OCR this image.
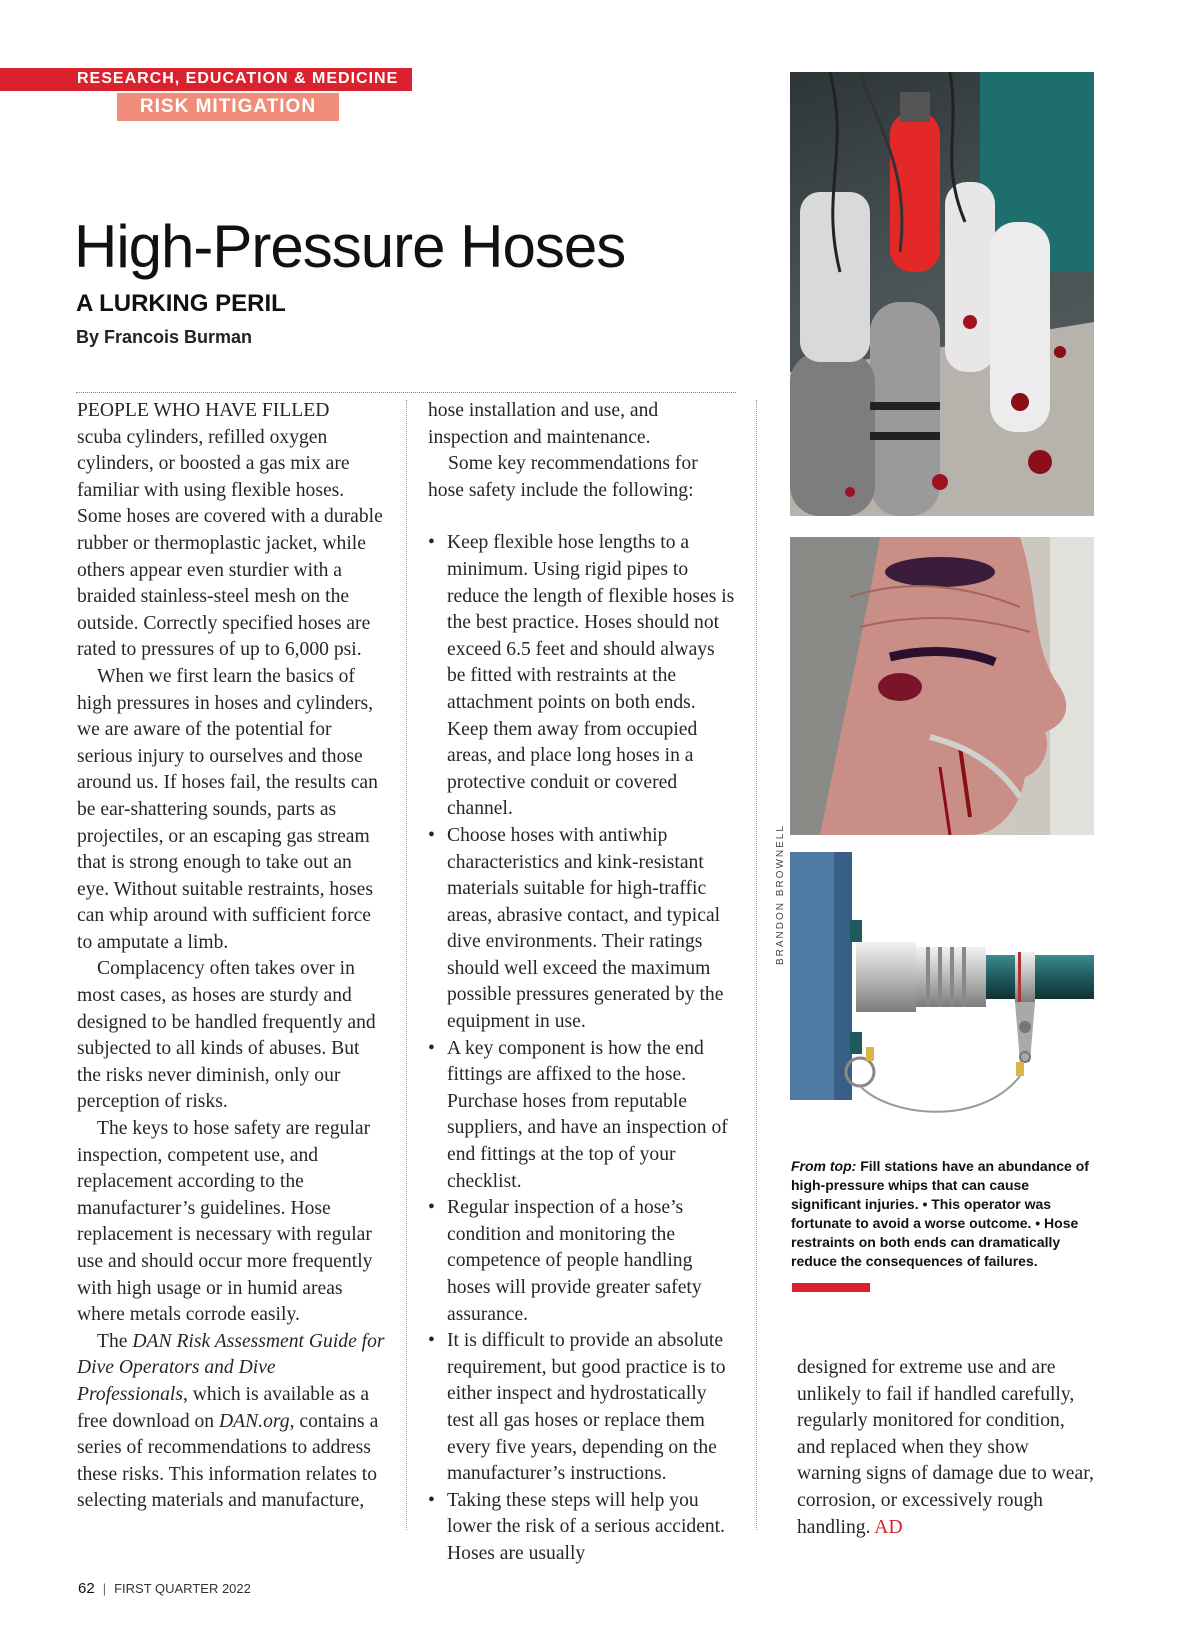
RESEARCH, EDUCATION & MEDICINE
RISK MITIGATION
High-Pressure Hoses
A LURKING PERIL
By Francois Burman

PEOPLE WHO HAVE FILLED
scuba cylinders, refilled oxygen cylinders, or boosted a gas mix are familiar with using flexible hoses. Some hoses are covered with a durable rubber or thermoplastic jacket, while others appear even sturdier with a braided stainless-steel mesh on the outside. Correctly specified hoses are rated to pressures of up to 6,000 psi.

When we first learn the basics of high pressures in hoses and cylinders, we are aware of the potential for serious injury to ourselves and those around us. If hoses fail, the results can be ear-shattering sounds, parts as projectiles, or an escaping gas stream that is strong enough to take out an eye. Without suitable restraints, hoses can whip around with sufficient force to amputate a limb.

Complacency often takes over in most cases, as hoses are sturdy and designed to be handled frequently and subjected to all kinds of abuses. But the risks never diminish, only our perception of risks.

The keys to hose safety are regular inspection, competent use, and replacement according to the manufacturer’s guidelines. Hose replacement is necessary with regular use and should occur more frequently with high usage or in humid areas where metals corrode easily.

The DAN Risk Assessment Guide for Dive Operators and Dive Professionals, which is available as a free download on DAN.org, contains a series of recommendations to address these risks. This information relates to selecting materials and manufacture,

hose installation and use, and inspection and maintenance.

Some key recommendations for hose safety include the following:

• Keep flexible hose lengths to a minimum. Using rigid pipes to reduce the length of flexible hoses is the best practice. Hoses should not exceed 6.5 feet and should always be fitted with restraints at the attachment points on both ends. Keep them away from occupied areas, and place long hoses in a protective conduit or covered channel.
• Choose hoses with antiwhip characteristics and kink-resistant materials suitable for high-traffic areas, abrasive contact, and typical dive environments. Their ratings should well exceed the maximum possible pressures generated by the equipment in use.
• A key component is how the end fittings are affixed to the hose. Purchase hoses from reputable suppliers, and have an inspection of end fittings at the top of your checklist.
• Regular inspection of a hose’s condition and monitoring the competence of people handling hoses will provide greater safety assurance.
• It is difficult to provide an absolute requirement, but good practice is to either inspect and hydrostatically test all gas hoses or replace them every five years, depending on the manufacturer’s instructions.
• Taking these steps will help you lower the risk of a serious accident. Hoses are usually
BRANDON BROWNELL
From top: Fill stations have an abundance of high-pressure whips that can cause significant injuries. • This operator was fortunate to avoid a worse outcome. • Hose restraints on both ends can dramatically reduce the consequences of failures.

designed for extreme use and are unlikely to fail if handled carefully, regularly monitored for condition, and replaced when they show warning signs of damage due to wear, corrosion, or excessively rough handling. AD

62 | FIRST QUARTER 2022
